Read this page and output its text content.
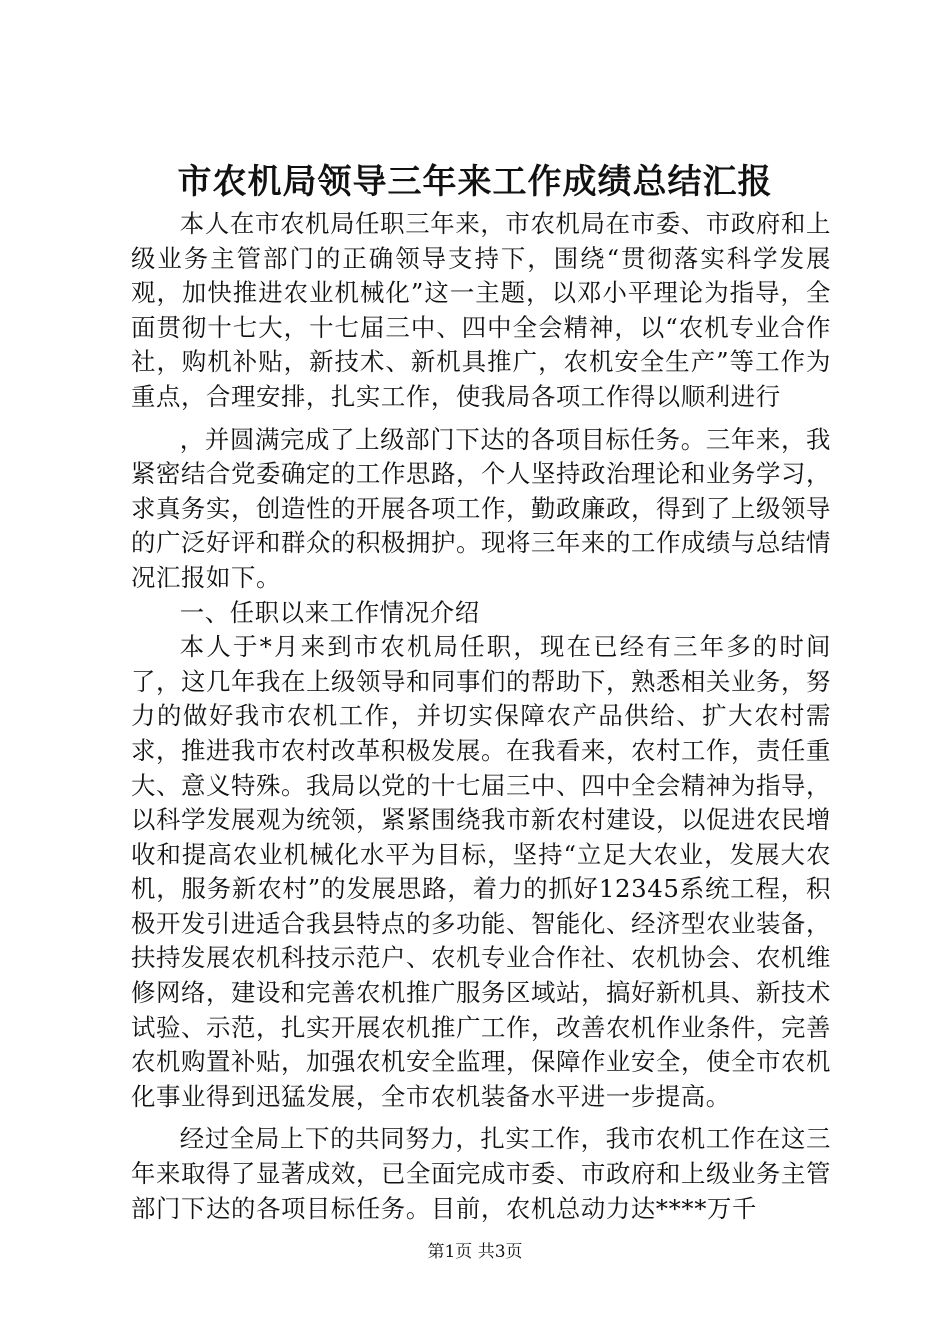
市农机局领导三年来工作成绩总结汇报

本人在市农机局任职三年来，市农机局在市委、市政府和上级业务主管部门的正确领导支持下，围绕“贯彻落实科学发展观，加快推进农业机械化”这一主题，以邓小平理论为指导，全面贯彻十七大，十七届三中、四中全会精神，以“农机专业合作社，购机补贴，新技术、新机具推广，农机安全生产”等工作为重点，合理安排，扎实工作，使我局各项工作得以顺利进行

，并圆满完成了上级部门下达的各项目标任务。三年来，我紧密结合党委确定的工作思路，个人坚持政治理论和业务学习，求真务实，创造性的开展各项工作，勤政廉政，得到了上级领导的广泛好评和群众的积极拥护。现将三年来的工作成绩与总结情况汇报如下。

一、任职以来工作情况介绍

本人于*月来到市农机局任职，现在已经有三年多的时间了，这几年我在上级领导和同事们的帮助下，熟悉相关业务，努力的做好我市农机工作，并切实保障农产品供给、扩大农村需求，推进我市农村改革积极发展。在我看来，农村工作，责任重大、意义特殊。我局以党的十七届三中、四中全会精神为指导，以科学发展观为统领，紧紧围绕我市新农村建设，以促进农民增收和提高农业机械化水平为目标，坚持“立足大农业，发展大农机，服务新农村”的发展思路，着力的抓好12345系统工程，积极开发引进适合我县特点的多功能、智能化、经济型农业装备，扶持发展农机科技示范户、农机专业合作社、农机协会、农机维修网络，建设和完善农机推广服务区域站，搞好新机具、新技术试验、示范，扎实开展农机推广工作，改善农机作业条件，完善农机购置补贴，加强农机安全监理，保障作业安全，使全市农机化事业得到迅猛发展，全市农机装备水平进一步提高。

经过全局上下的共同努力，扎实工作，我市农机工作在这三年来取得了显著成效，已全面完成市委、市政府和上级业务主管部门下达的各项目标任务。目前，农机总动力达****万千

第1页 共3页
